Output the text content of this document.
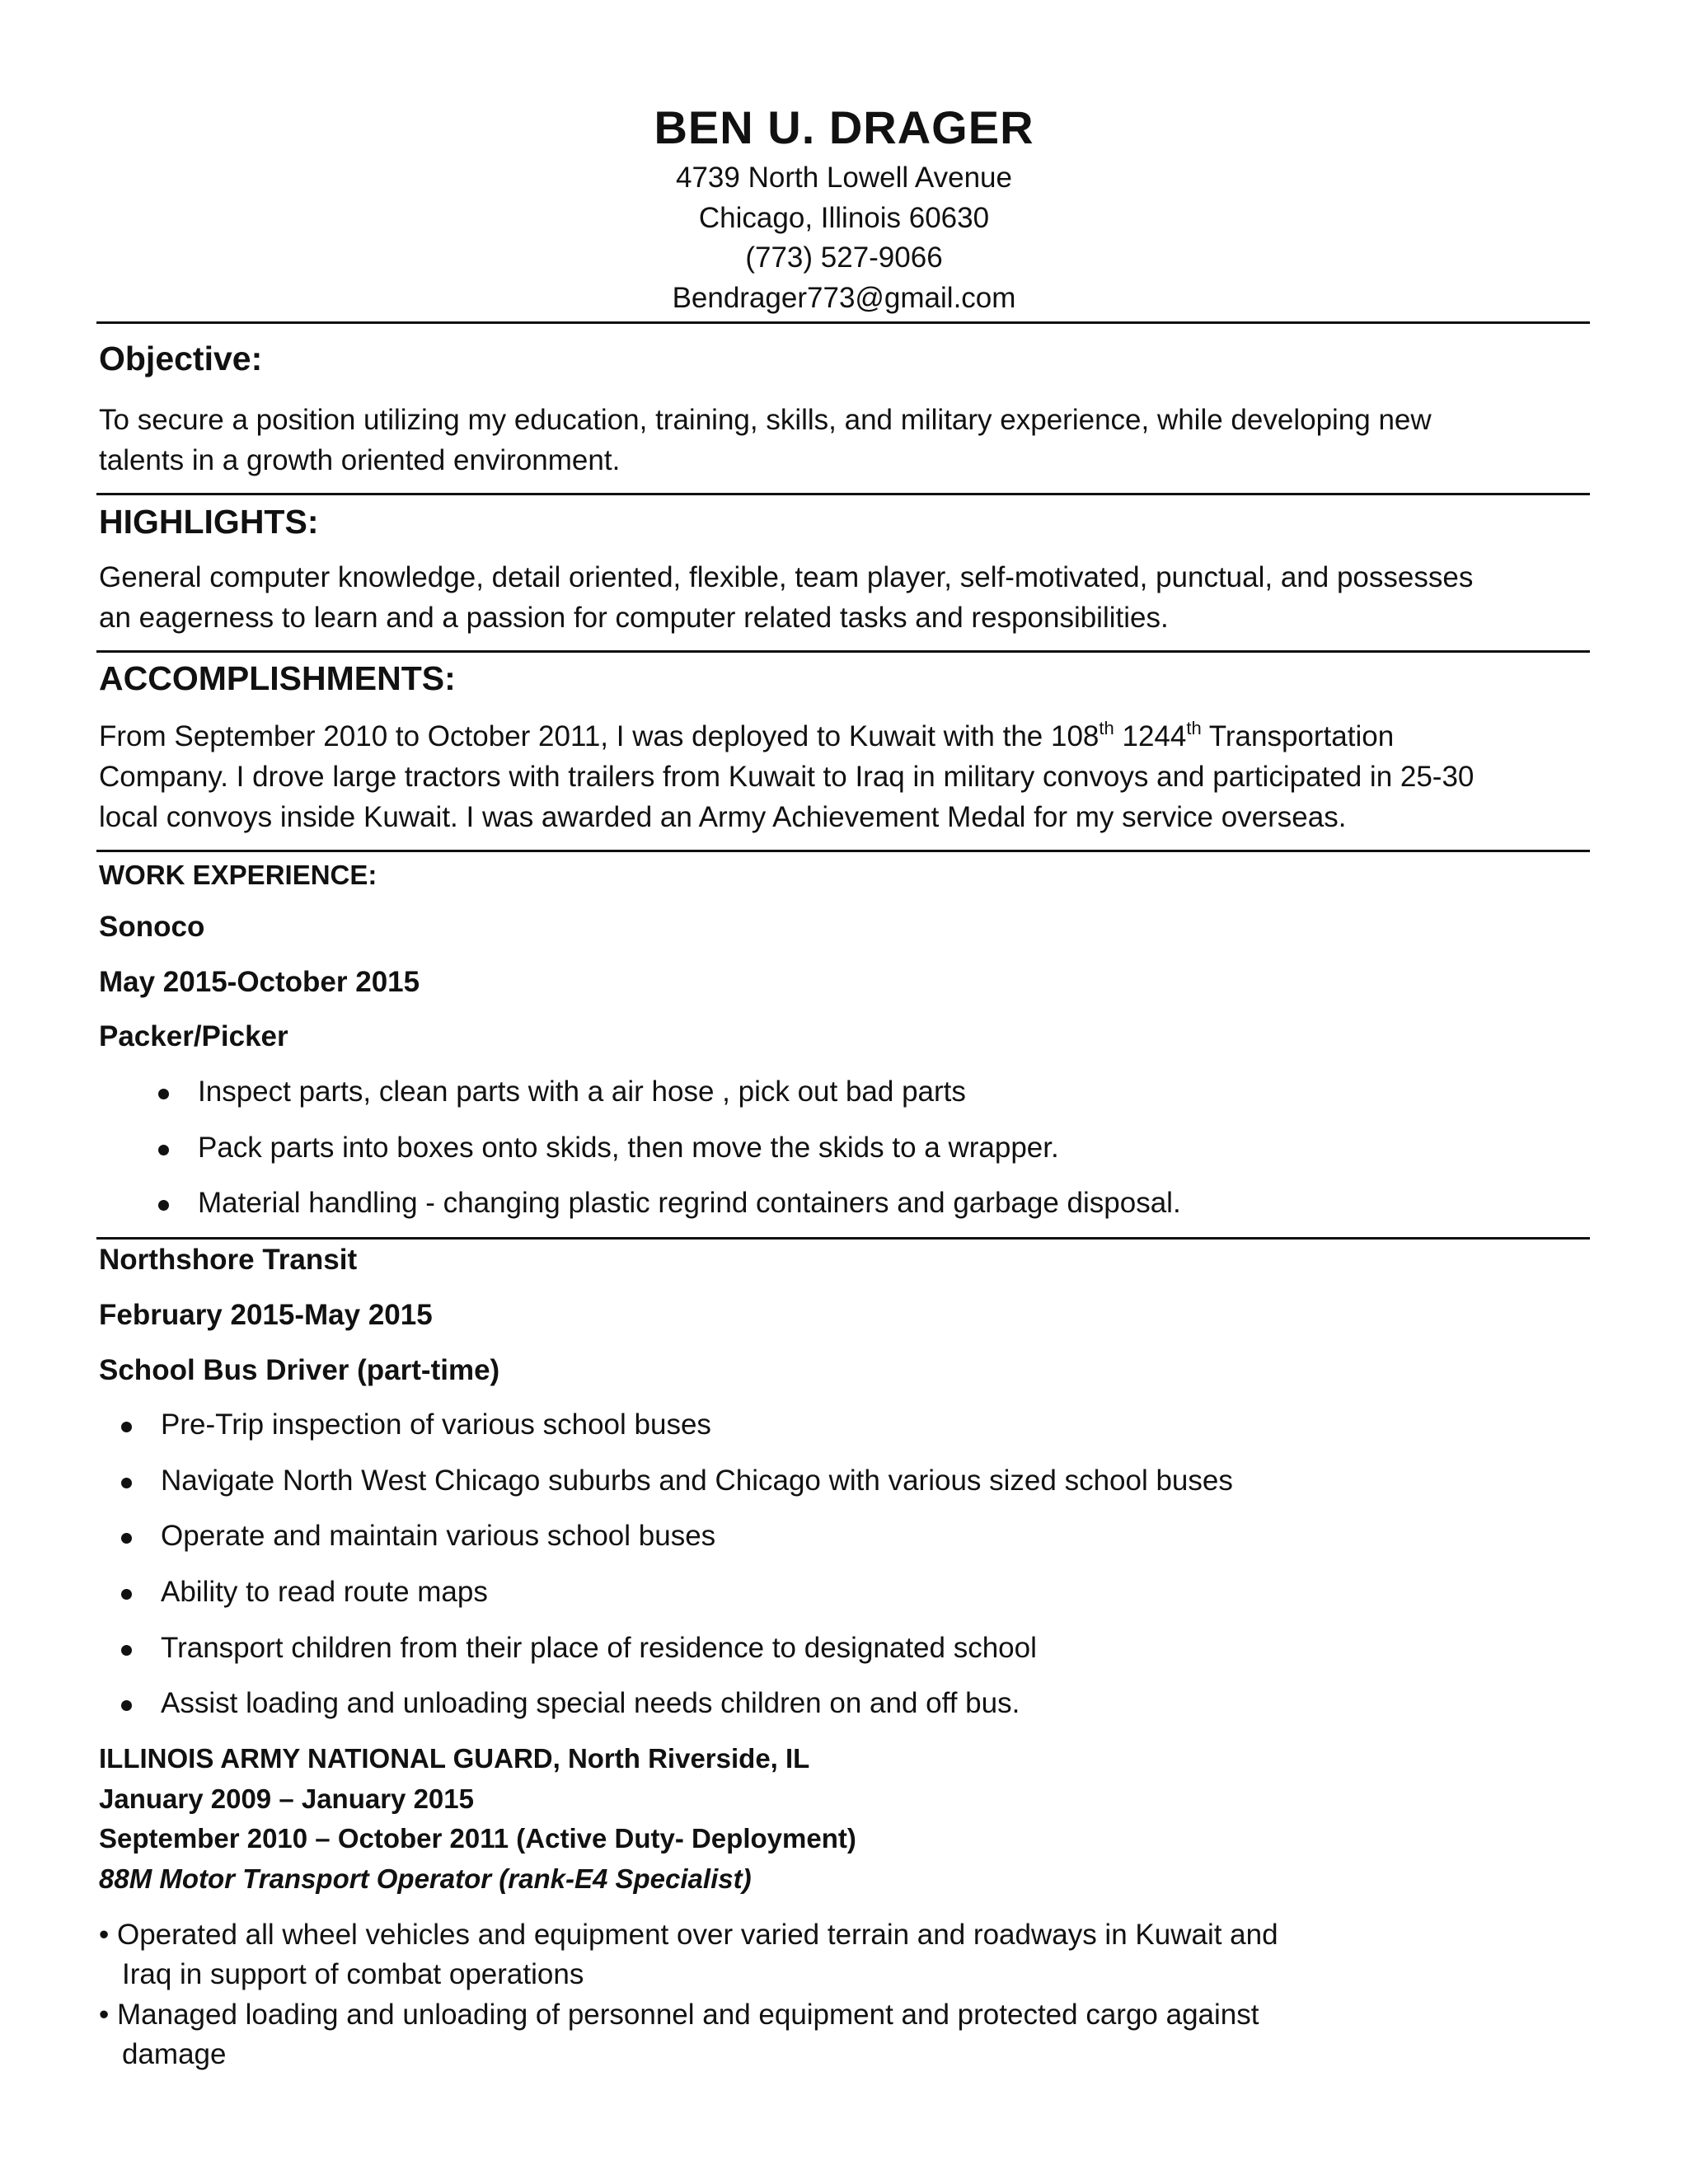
BEN U. DRAGER
4739 North Lowell Avenue
Chicago, Illinois 60630
(773) 527-9066
Bendrager773@gmail.com
Objective:
To secure a position utilizing my education, training, skills, and military experience, while developing new
talents in a growth oriented environment.
HIGHLIGHTS:
General computer knowledge, detail oriented, flexible, team player, self-motivated, punctual, and possesses
an eagerness to learn and a passion for computer related tasks and responsibilities.
ACCOMPLISHMENTS:
From September 2010 to October 2011, I was deployed to Kuwait with the 108th 1244th Transportation
Company. I drove large tractors with trailers from Kuwait to Iraq in military convoys and participated in 25-30
local convoys inside Kuwait. I was awarded an Army Achievement Medal for my service overseas.
WORK EXPERIENCE:
Sonoco
May 2015-October 2015
Packer/Picker
Inspect parts, clean parts with a air hose , pick out bad parts
Pack parts into boxes onto skids, then move the skids to a wrapper.
Material handling - changing plastic regrind containers and garbage disposal.
Northshore Transit
February 2015-May 2015
School Bus Driver (part-time)
Pre-Trip inspection of various school buses
Navigate North West Chicago suburbs and Chicago with various sized school buses
Operate and maintain various school buses
Ability to read route maps
Transport children from their place of residence to designated school
Assist loading and unloading special needs children on and off bus.
ILLINOIS ARMY NATIONAL GUARD, North Riverside, IL
January 2009 – January 2015
September 2010 – October 2011 (Active Duty- Deployment)
88M Motor Transport Operator (rank-E4 Specialist)
• Operated all wheel vehicles and equipment over varied terrain and roadways in Kuwait and
Iraq in support of combat operations
• Managed loading and unloading of personnel and equipment and protected cargo against
damage
